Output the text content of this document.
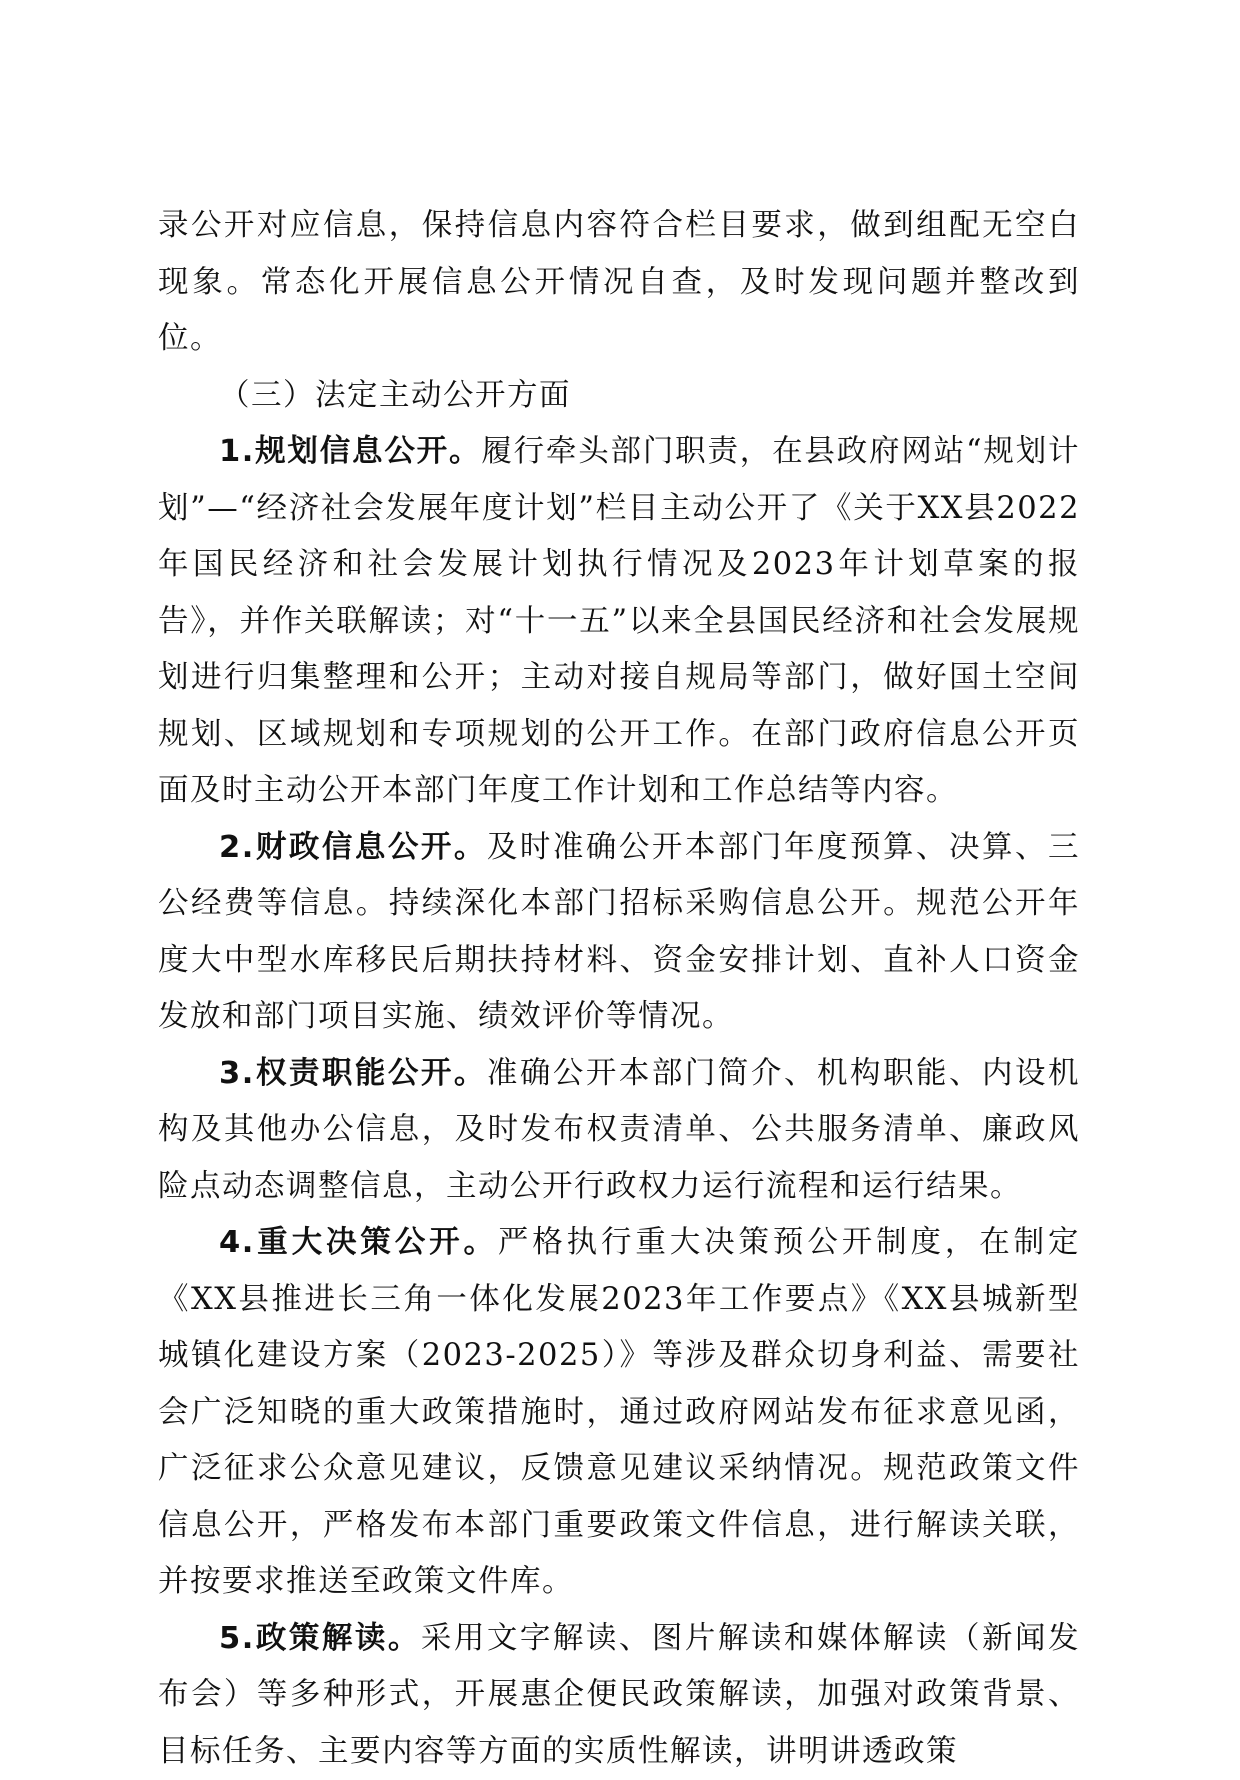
录公开对应信息，保持信息内容符合栏目要求，做到组配无空白现象。常态化开展信息公开情况自查，及时发现问题并整改到位。

（三）法定主动公开方面

1.规划信息公开。履行牵头部门职责，在县政府网站“规划计划”—“经济社会发展年度计划”栏目主动公开了《关于XX县2022年国民经济和社会发展计划执行情况及2023年计划草案的报告》，并作关联解读；对“十一五”以来全县国民经济和社会发展规划进行归集整理和公开；主动对接自规局等部门，做好国土空间规划、区域规划和专项规划的公开工作。在部门政府信息公开页面及时主动公开本部门年度工作计划和工作总结等内容。

2.财政信息公开。及时准确公开本部门年度预算、决算、三公经费等信息。持续深化本部门招标采购信息公开。规范公开年度大中型水库移民后期扶持材料、资金安排计划、直补人口资金发放和部门项目实施、绩效评价等情况。

3.权责职能公开。准确公开本部门简介、机构职能、内设机构及其他办公信息，及时发布权责清单、公共服务清单、廉政风险点动态调整信息，主动公开行政权力运行流程和运行结果。

4.重大决策公开。严格执行重大决策预公开制度，在制定《XX县推进长三角一体化发展2023年工作要点》《XX县城新型城镇化建设方案（2023-2025）》等涉及群众切身利益、需要社会广泛知晓的重大政策措施时，通过政府网站发布征求意见函，广泛征求公众意见建议，反馈意见建议采纳情况。规范政策文件信息公开，严格发布本部门重要政策文件信息，进行解读关联，并按要求推送至政策文件库。

5.政策解读。采用文字解读、图片解读和媒体解读（新闻发布会）等多种形式，开展惠企便民政策解读，加强对政策背景、目标任务、主要内容等方面的实质性解读，讲明讲透政策
